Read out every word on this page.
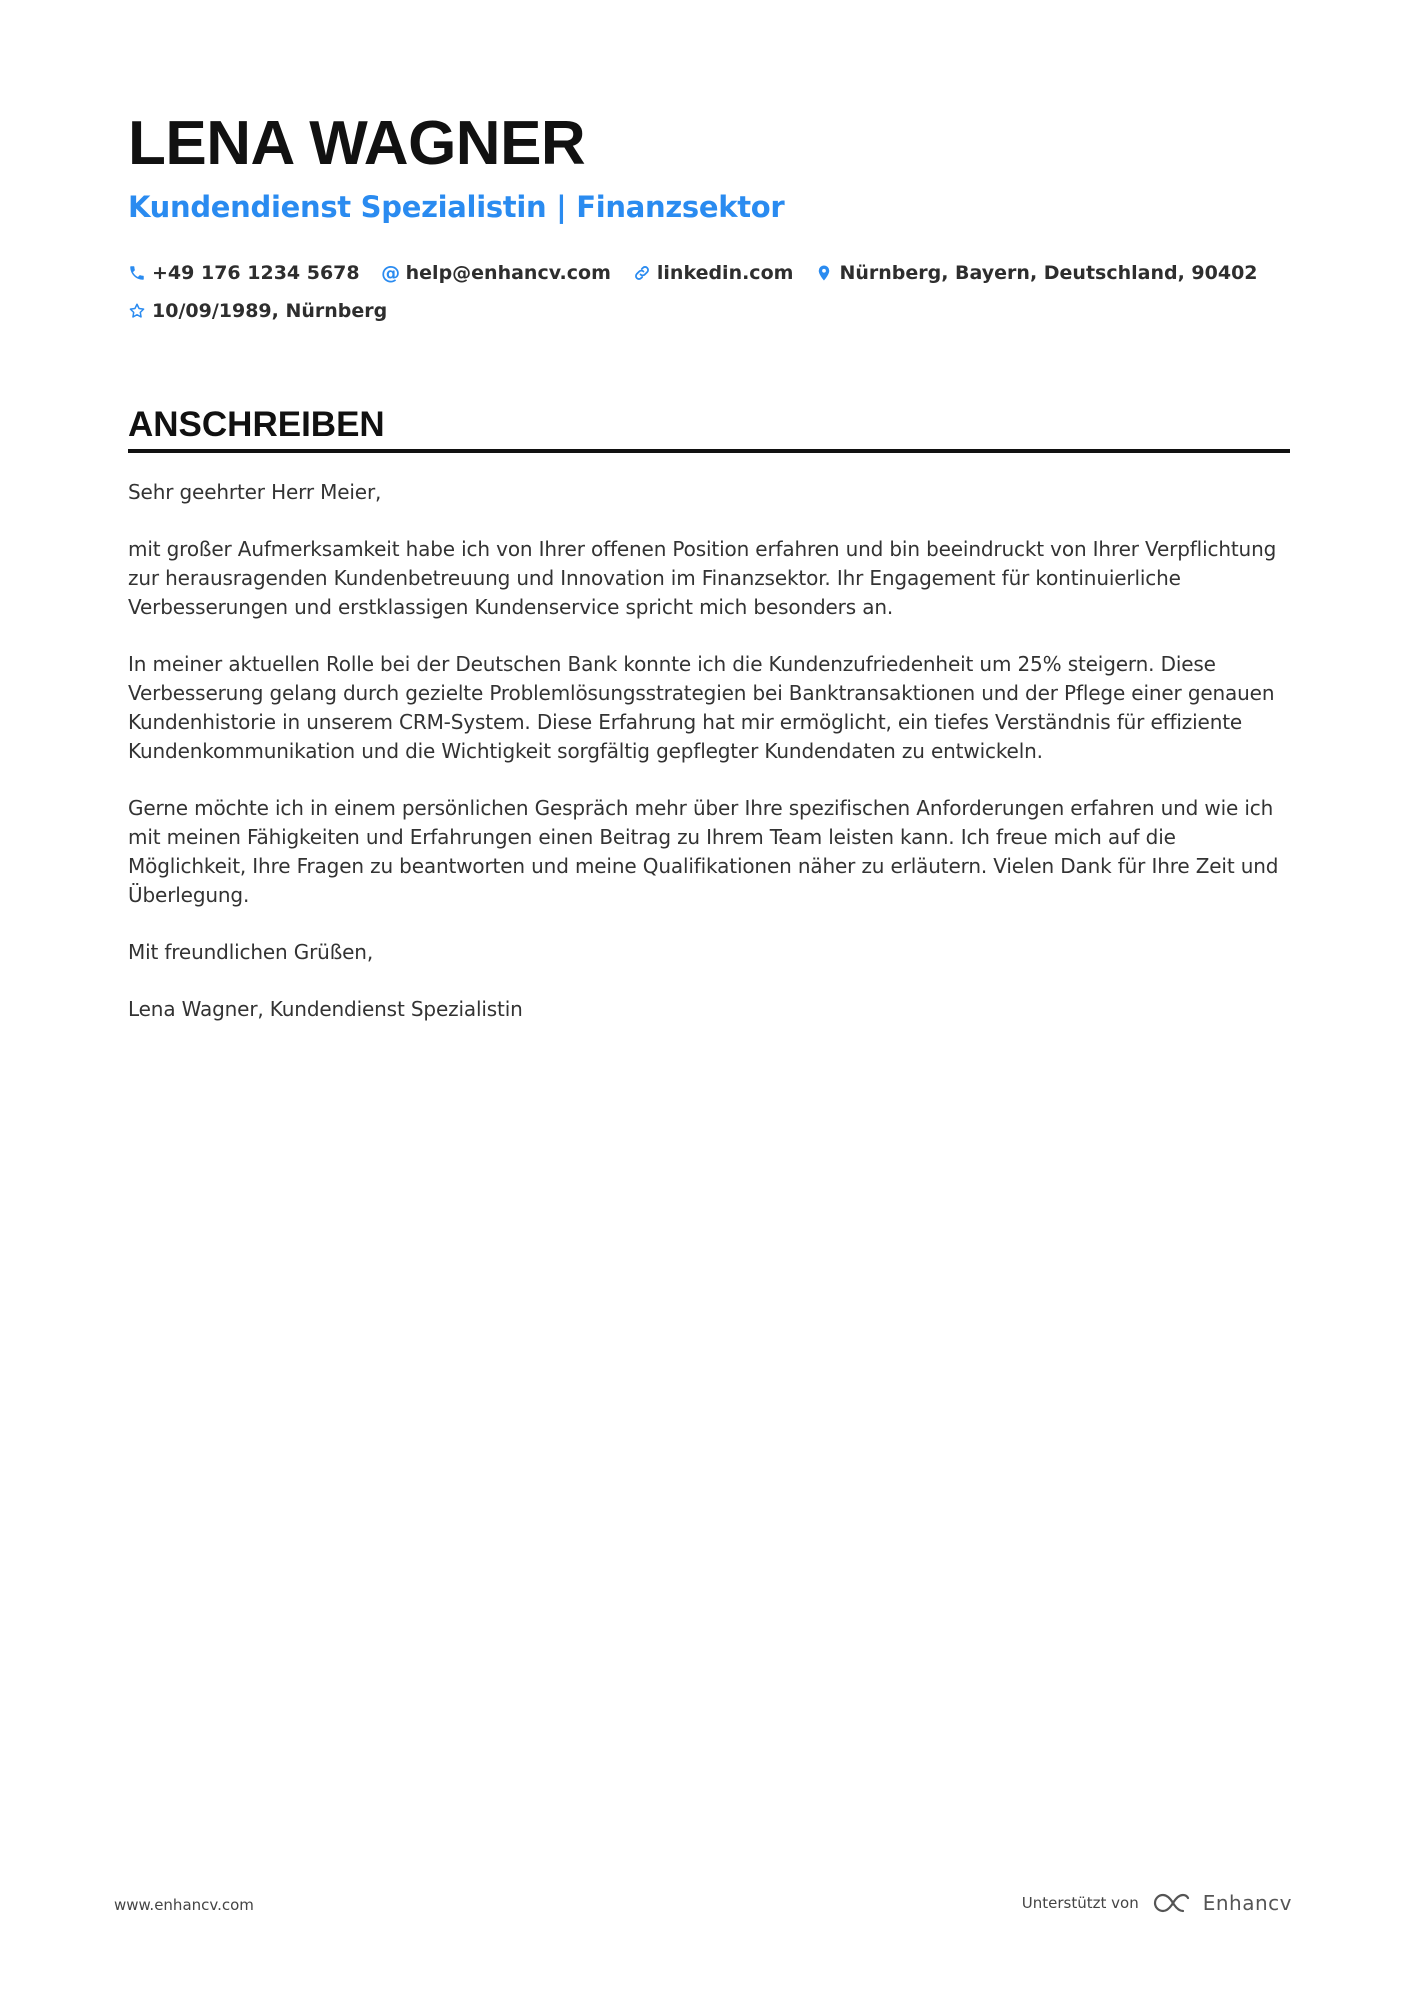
LENA WAGNER
Kundendienst Spezialistin | Finanzsektor
+49 176 1234 5678 @ help@enhancv.com linkedin.com Nürnberg, Bayern, Deutschland, 90402
10/09/1989, Nürnberg
ANSCHREIBEN

Sehr geehrter Herr Meier,

mit großer Aufmerksamkeit habe ich von Ihrer offenen Position erfahren und bin beeindruckt von Ihrer Verpflichtung zur herausragenden Kundenbetreuung und Innovation im Finanzsektor. Ihr Engagement für kontinuierliche Verbesserungen und erstklassigen Kundenservice spricht mich besonders an.

In meiner aktuellen Rolle bei der Deutschen Bank konnte ich die Kundenzufriedenheit um 25% steigern. Diese Verbesserung gelang durch gezielte Problemlösungsstrategien bei Banktransaktionen und der Pflege einer genauen Kundenhistorie in unserem CRM-System. Diese Erfahrung hat mir ermöglicht, ein tiefes Verständnis für effiziente Kundenkommunikation und die Wichtigkeit sorgfältig gepflegter Kundendaten zu entwickeln.

Gerne möchte ich in einem persönlichen Gespräch mehr über Ihre spezifischen Anforderungen erfahren und wie ich mit meinen Fähigkeiten und Erfahrungen einen Beitrag zu Ihrem Team leisten kann. Ich freue mich auf die Möglichkeit, Ihre Fragen zu beantworten und meine Qualifikationen näher zu erläutern. Vielen Dank für Ihre Zeit und Überlegung.

Mit freundlichen Grüßen,

Lena Wagner, Kundendienst Spezialistin

www.enhancv.com	Unterstützt von	Enhancv
